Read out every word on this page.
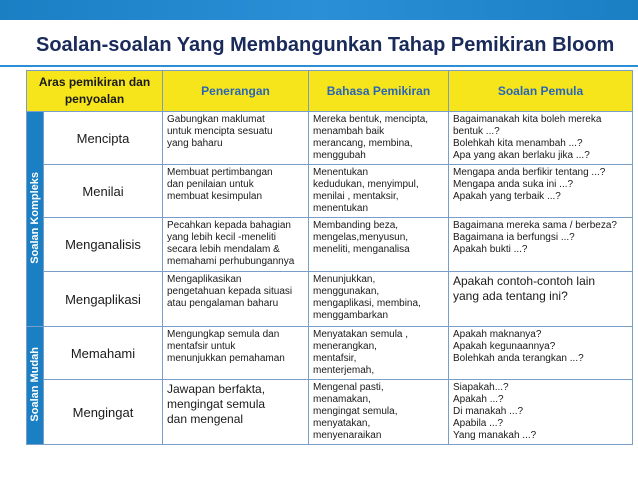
Soalan-soalan Yang Membangunkan Tahap Pemikiran Bloom
Aras pemikiran dan
penyoalan		Penerangan	Bahasa Pemikiran	Soalan Pemula
Soalan Kompleks	Mencipta	Gabungkan maklumat
untuk mencipta sesuatu
yang baharu	Mereka bentuk, mencipta,
menambah baik
merancang, membina,
menggubah	Bagaimanakah kita boleh mereka
bentuk ...?
Bolehkah kita menambah ...?
Apa yang akan berlaku jika ...?

	Menilai	Membuat pertimbangan
dan penilaian untuk
membuat kesimpulan	Menentukan
kedudukan, menyimpul,
menilai , mentaksir,
menentukan	Mengapa anda berfikir tentang ...?
Mengapa anda suka ini ...?
Apakah yang terbaik ...?

	Menganalisis	Pecahkan kepada bahagian
yang lebih kecil -meneliti
secara lebih mendalam &
memahami perhubungannya	Membanding beza,
mengelas,menyusun,
meneliti, menganalisa	Bagaimana mereka sama / berbeza?
Bagaimana ia berfungsi ...?
Apakah bukti ...?

	Mengaplikasi	Mengaplikasikan
pengetahuan kepada situasi
atau pengalaman baharu	Menunjukkan,
menggunakan,
mengaplikasi, membina,
menggambarkan	Apakah contoh-contoh lain
yang ada tentang ini?

Soalan Mudah	Memahami	Mengungkap semula dan
mentafsir untuk
menunjukkan pemahaman	Menyatakan semula ,
menerangkan,
mentafsir,
menterjemah,	Apakah maknanya?
Apakah kegunaannya?
Bolehkah anda terangkan ...?

	Mengingat	Jawapan berfakta,
mengingat semula
dan mengenal	Mengenal pasti,
menamakan,
mengingat semula,
menyatakan,
menyenaraikan	Siapakah...?
Apakah ...?
Di manakah ...?
Apabila ...?
Yang manakah ...?
